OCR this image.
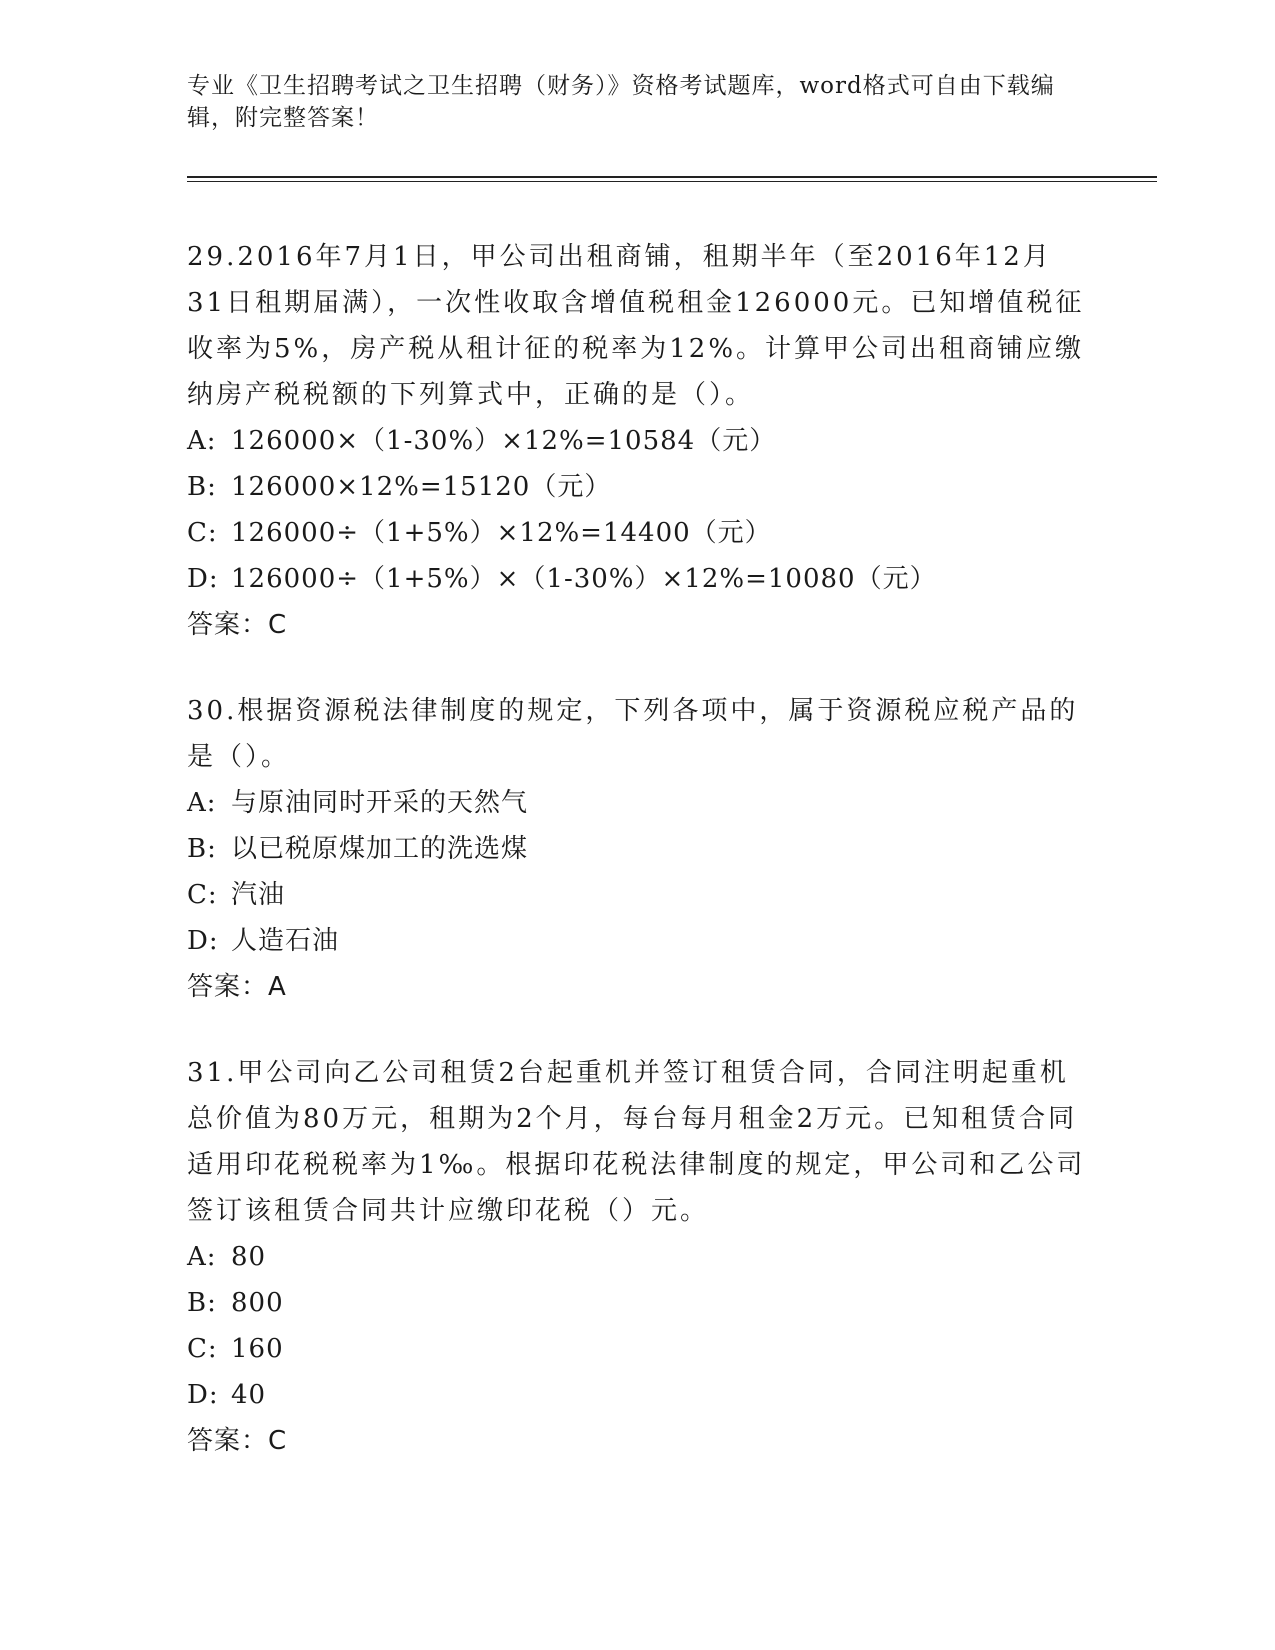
专业《卫生招聘考试之卫生招聘（财务）》资格考试题库，word格式可自由下载编辑，附完整答案！

29.2016年7月1日，甲公司出租商铺，租期半年（至2016年12月31日租期届满），一次性收取含增值税租金126000元。已知增值税征收率为5%，房产税从租计征的税率为12%。计算甲公司出租商铺应缴纳房产税税额的下列算式中，正确的是（）。

A: 126000×（1-30%）×12%=10584（元）
B: 126000×12%=15120（元）
C: 126000÷（1+5%）×12%=14400（元）
D: 126000÷（1+5%）×（1-30%）×12%=10080（元）
答案：C

30.根据资源税法律制度的规定，下列各项中，属于资源税应税产品的是（）。

A: 与原油同时开采的天然气
B: 以已税原煤加工的洗选煤
C: 汽油
D: 人造石油
答案：A

31.甲公司向乙公司租赁2台起重机并签订租赁合同，合同注明起重机总价值为80万元，租期为2个月，每台每月租金2万元。已知租赁合同适用印花税税率为1‰。根据印花税法律制度的规定，甲公司和乙公司签订该租赁合同共计应缴印花税（）元。

A: 80
B: 800
C: 160
D: 40
答案：C
